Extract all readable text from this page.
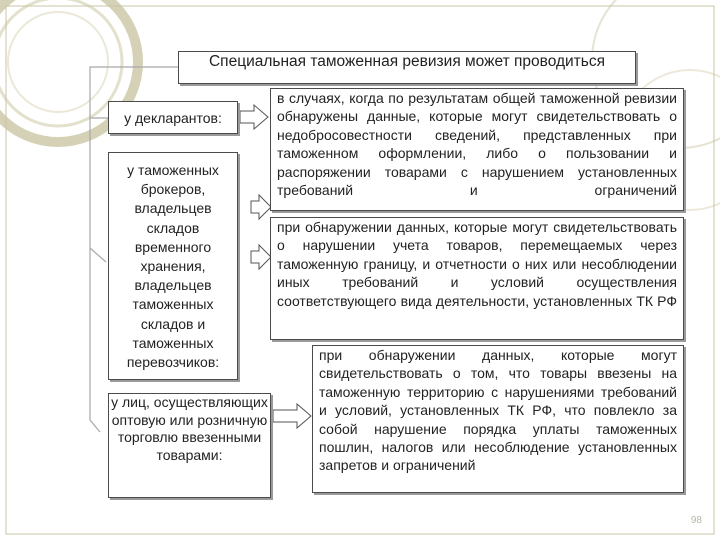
Специальная таможенная ревизия может проводиться
у декларантов:
у таможенных брокеров, владельцев складов временного хранения, владельцев таможенных складов и таможенных перевозчиков:
у лиц, осуществляющих оптовую или розничную торговлю ввезенными товарами:
в случаях, когда по результатам общей таможенной ревизии обнаружены данные, которые могут свидетельствовать о недобросовестности сведений, представленных при таможенном оформлении, либо о пользовании и распоряжении товарами с нарушением установленных требований и ограничений
при обнаружении данных, которые могут свидетельствовать о нарушении учета товаров, перемещаемых через таможенную границу, и отчетности о них или несоблюдении иных требований и условий осуществления соответствующего вида деятельности, установленных ТК РФ
при обнаружении данных, которые могут свидетельствовать о том, что товары ввезены на таможенную территорию с нарушениями требований и условий, установленных ТК РФ, что повлекло за собой нарушение порядка уплаты таможенных пошлин, налогов или несоблюдение установленных запретов и ограничений
98
